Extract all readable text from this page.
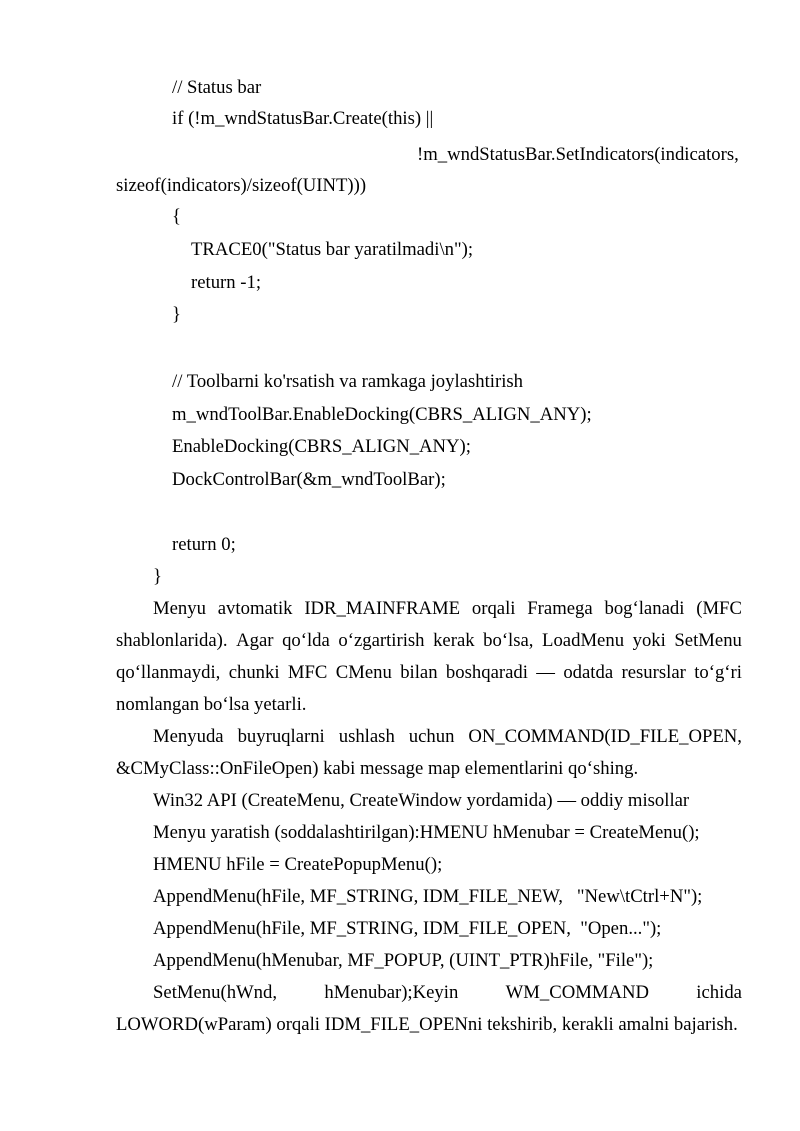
// Status bar
if (!m_wndStatusBar.Create(this) ||
!m_wndStatusBar.SetIndicators(indicators,
sizeof(indicators)/sizeof(UINT)))
{
TRACE0("Status bar yaratilmadi\n");
return -1;
}
// Toolbarni ko'rsatish va ramkaga joylashtirish
m_wndToolBar.EnableDocking(CBRS_ALIGN_ANY);
EnableDocking(CBRS_ALIGN_ANY);
DockControlBar(&m_wndToolBar);
return 0;
}
Menyu avtomatik IDR_MAINFRAME orqali Framega bog‘lanadi (MFC
shablonlarida). Agar qo‘lda o‘zgartirish kerak bo‘lsa, LoadMenu yoki SetMenu
qo‘llanmaydi, chunki MFC CMenu bilan boshqaradi — odatda resurslar to‘g‘ri
nomlangan bo‘lsa yetarli.
Menyuda buyruqlarni ushlash uchun ON_COMMAND(ID_FILE_OPEN,
&CMyClass::OnFileOpen) kabi message map elementlarini qo‘shing.
Win32 API (CreateMenu, CreateWindow yordamida) — oddiy misollar
Menyu yaratish (soddalashtirilgan):HMENU hMenubar = CreateMenu();
HMENU hFile = CreatePopupMenu();
AppendMenu(hFile, MF_STRING, IDM_FILE_NEW,   "New\tCtrl+N");
AppendMenu(hFile, MF_STRING, IDM_FILE_OPEN,  "Open...");
AppendMenu(hMenubar, MF_POPUP, (UINT_PTR)hFile, "File");
SetMenu(hWnd,	hMenubar);Keyin	WM_COMMAND	ichida
LOWORD(wParam) orqali IDM_FILE_OPENni tekshirib, kerakli amalni bajarish.
